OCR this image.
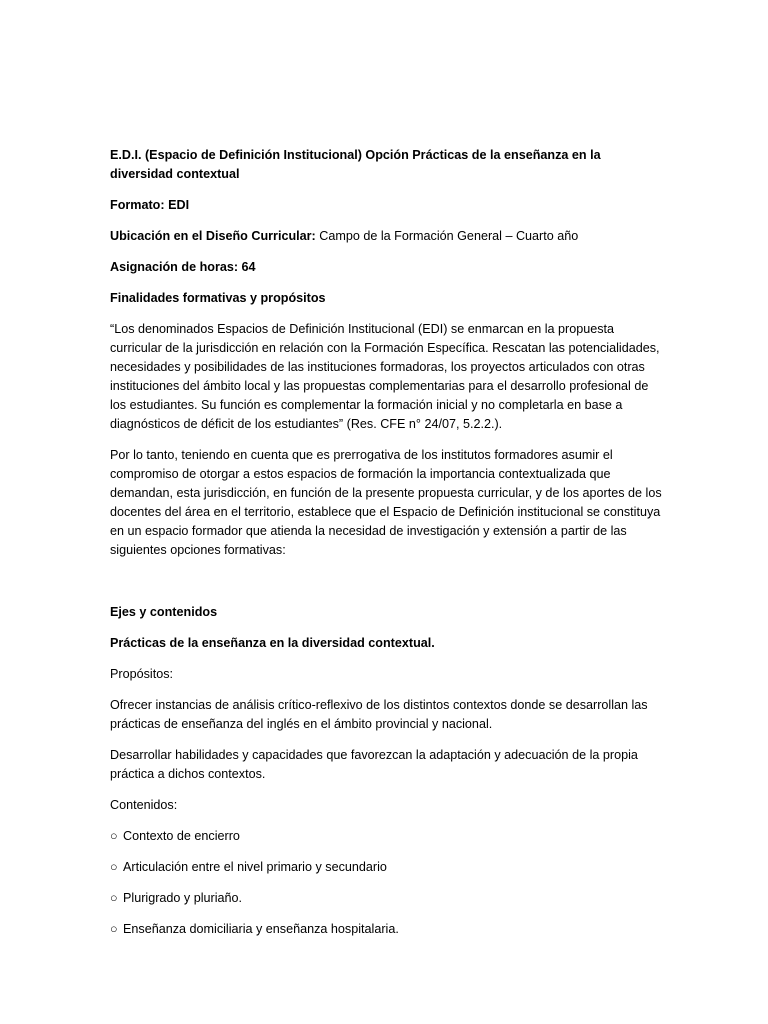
E.D.I. (Espacio de Definición Institucional) Opción Prácticas de la enseñanza en la diversidad contextual

Formato: EDI

Ubicación en el Diseño Curricular: Campo de la Formación General – Cuarto año

Asignación de horas: 64

Finalidades formativas y propósitos

“Los denominados Espacios de Definición Institucional (EDI) se enmarcan en la propuesta curricular de la jurisdicción en relación con la Formación Específica. Rescatan las potencialidades, necesidades y posibilidades de las instituciones formadoras, los proyectos articulados con otras instituciones del ámbito local y las propuestas complementarias para el desarrollo profesional de los estudiantes. Su función es complementar la formación inicial y no completarla en base a diagnósticos de déficit de los estudiantes” (Res. CFE n° 24/07, 5.2.2.).

Por lo tanto, teniendo en cuenta que es prerrogativa de los institutos formadores asumir el compromiso de otorgar a estos espacios de formación la importancia contextualizada que demandan, esta jurisdicción, en función de la presente propuesta curricular, y de los aportes de los docentes del área en el territorio, establece que el Espacio de Definición institucional se constituya en un espacio formador que atienda la necesidad de investigación y extensión a partir de las siguientes opciones formativas:

Ejes y contenidos

Prácticas de la enseñanza en la diversidad contextual.

Propósitos:

Ofrecer instancias de análisis crítico-reflexivo de los distintos contextos donde se desarrollan las prácticas de enseñanza del inglés en el ámbito provincial y nacional.

Desarrollar habilidades y capacidades que favorezcan la adaptación y adecuación de la propia práctica a dichos contextos.

Contenidos:

○ Contexto de encierro

○ Articulación entre el nivel primario y secundario

○ Plurigrado y pluriaño.

○ Enseñanza domiciliaria y enseñanza hospitalaria.
